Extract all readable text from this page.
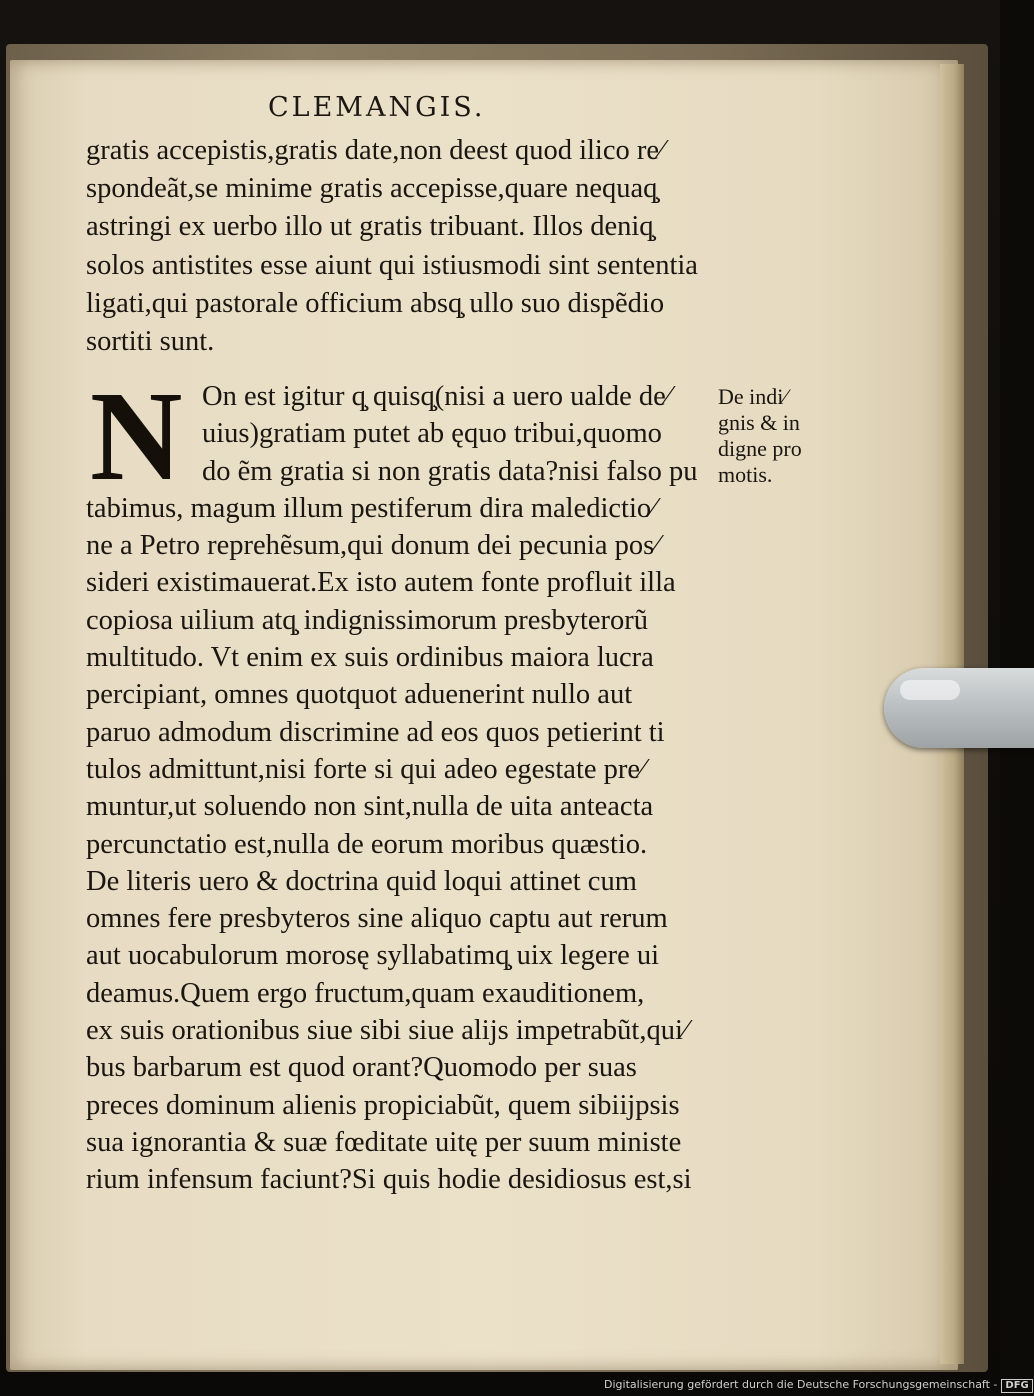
CLEMANGIS.
gratis accepistis,gratis date,non deest quod ilico re⁄
spondeãt,se minime gratis accepisse,quare nequaq̧
astringi ex uerbo illo ut gratis tribuant. Illos deniq̧
solos antistites esse aiunt qui istiusmodi sint sententia
ligati,qui pastorale officium absq̧ ullo suo dispẽdio
sortiti sunt.
N On est igitur q̧ quisq̧(nisi a uero ualde de⁄
uius)gratiam putet ab ęquo tribui,quomo
do ẽm gratia si non gratis data?nisi falso pu
tabimus, magum illum pestiferum dira maledictio⁄
ne a Petro reprehẽsum,qui donum dei pecunia pos⁄
sideri existimauerat.Ex isto autem fonte profluit illa
copiosa uilium atq̧ indignissimorum presbyterorũ
multitudo. Vt enim ex suis ordinibus maiora lucra
percipiant, omnes quotquot aduenerint nullo aut
paruo admodum discrimine ad eos quos petierint ti
tulos admittunt,nisi forte si qui adeo egestate pre⁄
muntur,ut soluendo non sint,nulla de uita anteacta
percunctatio est,nulla de eorum moribus quæstio.
De literis uero & doctrina quid loqui attinet cum
omnes fere presbyteros sine aliquo captu aut rerum
aut uocabulorum morosę syllabatimq̧ uix legere ui
deamus.Quem ergo fructum,quam exauditionem,
ex suis orationibus siue sibi siue alijs impetrabũt,qui⁄
bus barbarum est quod orant?Quomodo per suas
preces dominum alienis propiciabũt, quem sibiĳpsis
sua ignorantia & suæ fœditate uitę per suum ministe
rium infensum faciunt?Si quis hodie desidiosus est,si
De indi⁄
gnis & in
digne pro
motis.
Digitalisierung gefördert durch die Deutsche Forschungsgemeinschaft - DFG
